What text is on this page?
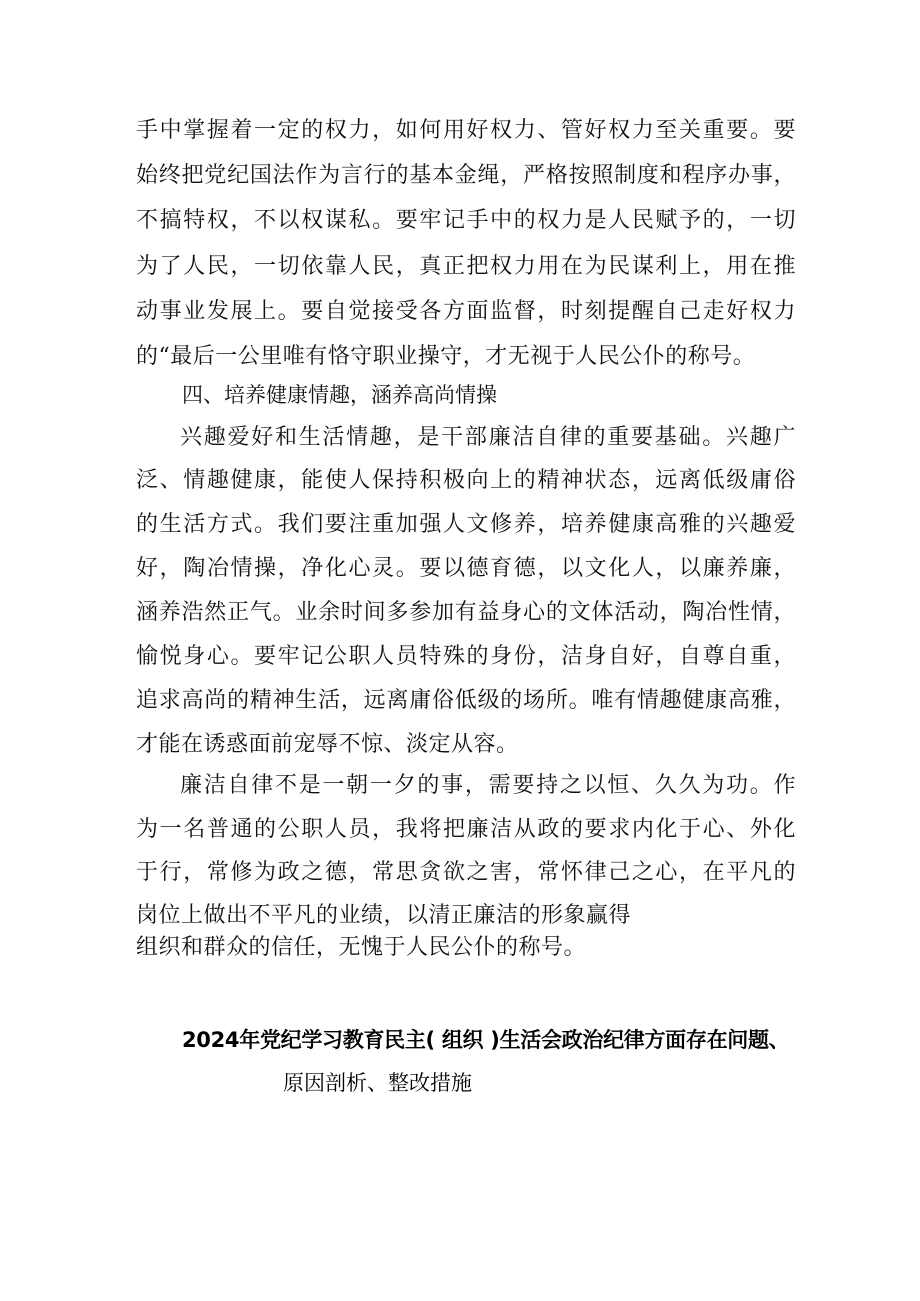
手中掌握着一定的权力，如何用好权力、管好权力至关重要。要
始终把党纪国法作为言行的基本金绳，严格按照制度和程序办事，
不搞特权，不以权谋私。要牢记手中的权力是人民赋予的，一切
为了人民，一切依靠人民，真正把权力用在为民谋利上，用在推
动事业发展上。要自觉接受各方面监督，时刻提醒自己走好权力
的“最后一公里唯有恪守职业操守，才无视于人民公仆的称号。
四、培养健康情趣，涵养高尚情操
兴趣爱好和生活情趣，是干部廉洁自律的重要基础。兴趣广
泛、情趣健康，能使人保持积极向上的精神状态，远离低级庸俗
的生活方式。我们要注重加强人文修养，培养健康高雅的兴趣爱
好，陶冶情操，净化心灵。要以德育德，以文化人，以廉养廉，
涵养浩然正气。业余时间多参加有益身心的文体活动，陶冶性情，
愉悦身心。要牢记公职人员特殊的身份，洁身自好，自尊自重，
追求高尚的精神生活，远离庸俗低级的场所。唯有情趣健康高雅，
才能在诱惑面前宠辱不惊、淡定从容。
廉洁自律不是一朝一夕的事，需要持之以恒、久久为功。作
为一名普通的公职人员，我将把廉洁从政的要求内化于心、外化
于行，常修为政之德，常思贪欲之害，常怀律己之心，在平凡的
岗位上做出不平凡的业绩，以清正廉洁的形象赢得
组织和群众的信任，无愧于人民公仆的称号。
2024年党纪学习教育民主( 组织 )生活会政治纪律方面存在问题、
原因剖析、整改措施
